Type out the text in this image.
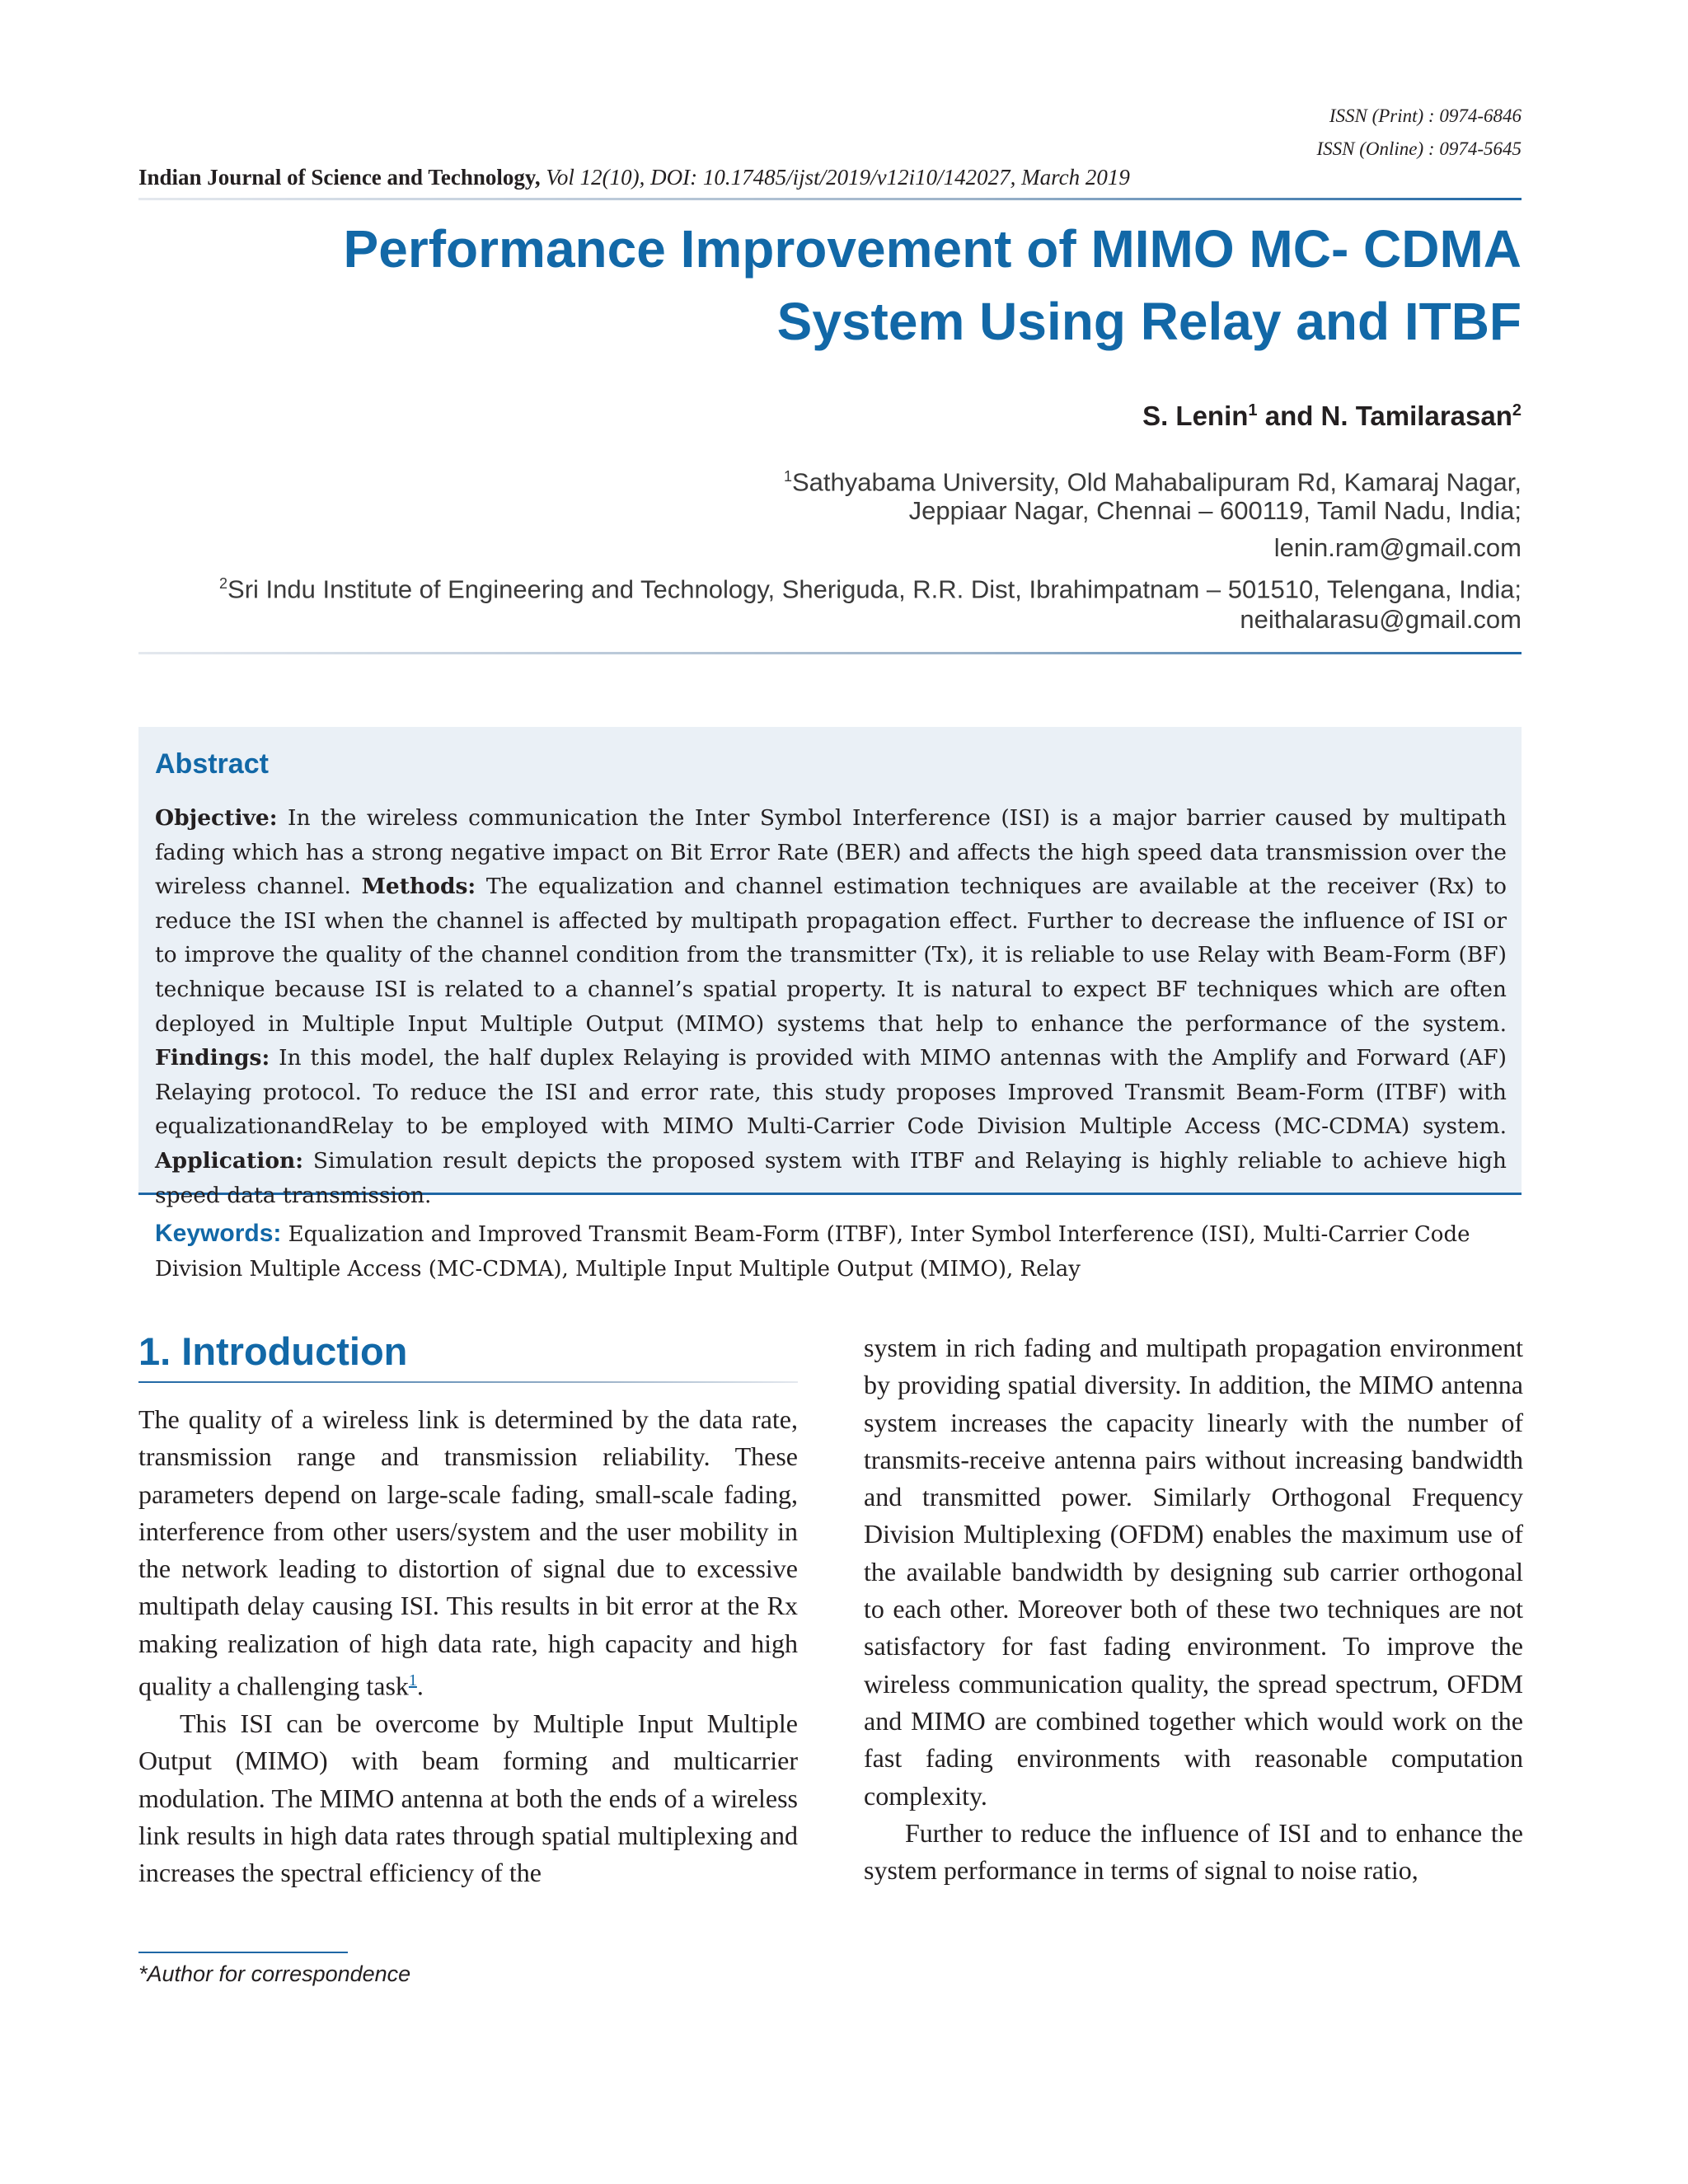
ISSN (Print) : 0974-6846
ISSN (Online) : 0974-5645
Indian Journal of Science and Technology, Vol 12(10), DOI: 10.17485/ijst/2019/v12i10/142027, March 2019
Performance Improvement of MIMO MC- CDMA System Using Relay and ITBF
S. Lenin$^1$ and N. Tamilarasan$^2$
$^1$Sathyabama University, Old Mahabalipuram Rd, Kamaraj Nagar,
Jeppiaar Nagar, Chennai – 600119, Tamil Nadu, India;
lenin.ram@gmail.com
$^2$Sri Indu Institute of Engineering and Technology, Sheriguda, R.R. Dist, Ibrahimpatnam – 501510, Telengana, India;
neithalarasu@gmail.com
Abstract
Objective: In the wireless communication the Inter Symbol Interference (ISI) is a major barrier caused by multipath fading which has a strong negative impact on Bit Error Rate (BER) and affects the high speed data transmission over the wireless channel. Methods: The equalization and channel estimation techniques are available at the receiver (Rx) to reduce the ISI when the channel is affected by multipath propagation effect. Further to decrease the influence of ISI or to improve the quality of the channel condition from the transmitter (Tx), it is reliable to use Relay with Beam-Form (BF) technique because ISI is related to a channel’s spatial property. It is natural to expect BF techniques which are often deployed in Multiple Input Multiple Output (MIMO) systems that help to enhance the performance of the system. Findings: In this model, the half duplex Relaying is provided with MIMO antennas with the Amplify and Forward (AF) Relaying protocol. To reduce the ISI and error rate, this study proposes Improved Transmit Beam-Form (ITBF) with equalizationandRelay to be employed with MIMO Multi-Carrier Code Division Multiple Access (MC-CDMA) system. Application: Simulation result depicts the proposed system with ITBF and Relaying is highly reliable to achieve high speed data transmission.
Keywords: Equalization and Improved Transmit Beam-Form (ITBF), Inter Symbol Interference (ISI), Multi-Carrier Code Division Multiple Access (MC-CDMA), Multiple Input Multiple Output (MIMO), Relay
1. Introduction

The quality of a wireless link is determined by the data rate, transmission range and transmission reliability. These parameters depend on large-scale fading, small-scale fading, interference from other users/system and the user mobility in the network leading to distortion of signal due to excessive multipath delay causing ISI. This results in bit error at the Rx making realization of high data rate, high capacity and high quality a challenging task$^1$.

This ISI can be overcome by Multiple Input Multiple Output (MIMO) with beam forming and multicarrier modulation. The MIMO antenna at both the ends of a wireless link results in high data rates through spatial multiplexing and increases the spectral efficiency of the

system in rich fading and multipath propagation environment by providing spatial diversity. In addition, the MIMO antenna system increases the capacity linearly with the number of transmits-receive antenna pairs without increasing bandwidth and transmitted power. Similarly Orthogonal Frequency Division Multiplexing (OFDM) enables the maximum use of the available bandwidth by designing sub carrier orthogonal to each other. Moreover both of these two techniques are not satisfactory for fast fading environment. To improve the wireless communication quality, the spread spectrum, OFDM and MIMO are combined together which would work on the fast fading environments with reasonable computation complexity.

Further to reduce the influence of ISI and to enhance the system performance in terms of signal to noise ratio,

*Author for correspondence
